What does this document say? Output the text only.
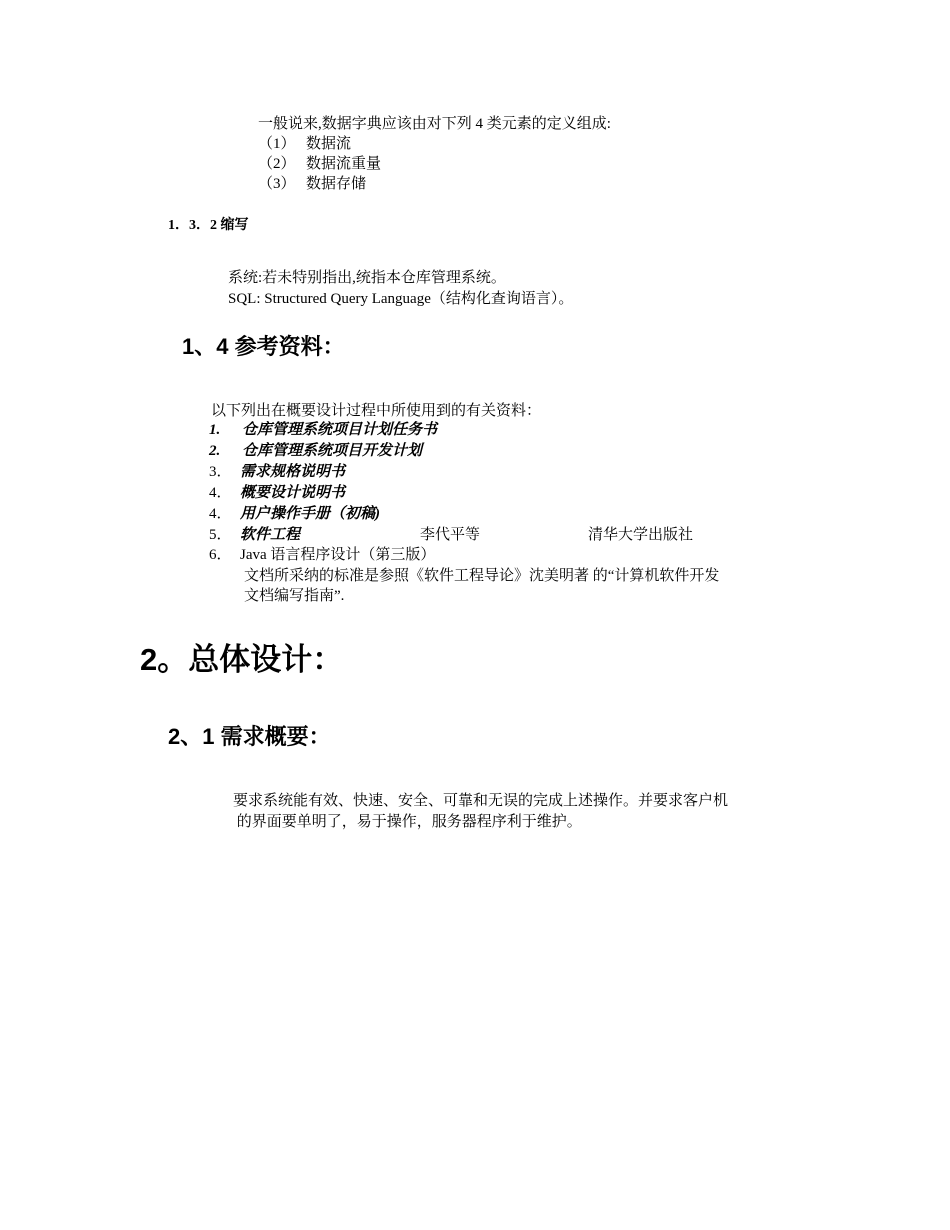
一般说来,数据字典应该由对下列 4 类元素的定义组成:
（1） 数据流
（2） 数据流重量
（3） 数据存储
1．3．2 缩写
系统:若未特别指出,统指本仓库管理系统。
SQL: Structured Query Language（结构化查询语言）。
1、4 参考资料：
以下列出在概要设计过程中所使用到的有关资料：
1. 仓库管理系统项目计划任务书
2. 仓库管理系统项目开发计划
3． 需求规格说明书
4． 概要设计说明书
4． 用户操作手册（初稿)
5． 软件工程	李代平等	清华大学出版社
6． Java 语言程序设计（第三版）
文档所采纳的标准是参照《软件工程导论》沈美明著 的“计算机软件开发
文档编写指南”.
2。总体设计：
2、1 需求概要：
要求系统能有效、快速、安全、可靠和无误的完成上述操作。并要求客户机
的界面要单明了，易于操作，服务器程序利于维护。
